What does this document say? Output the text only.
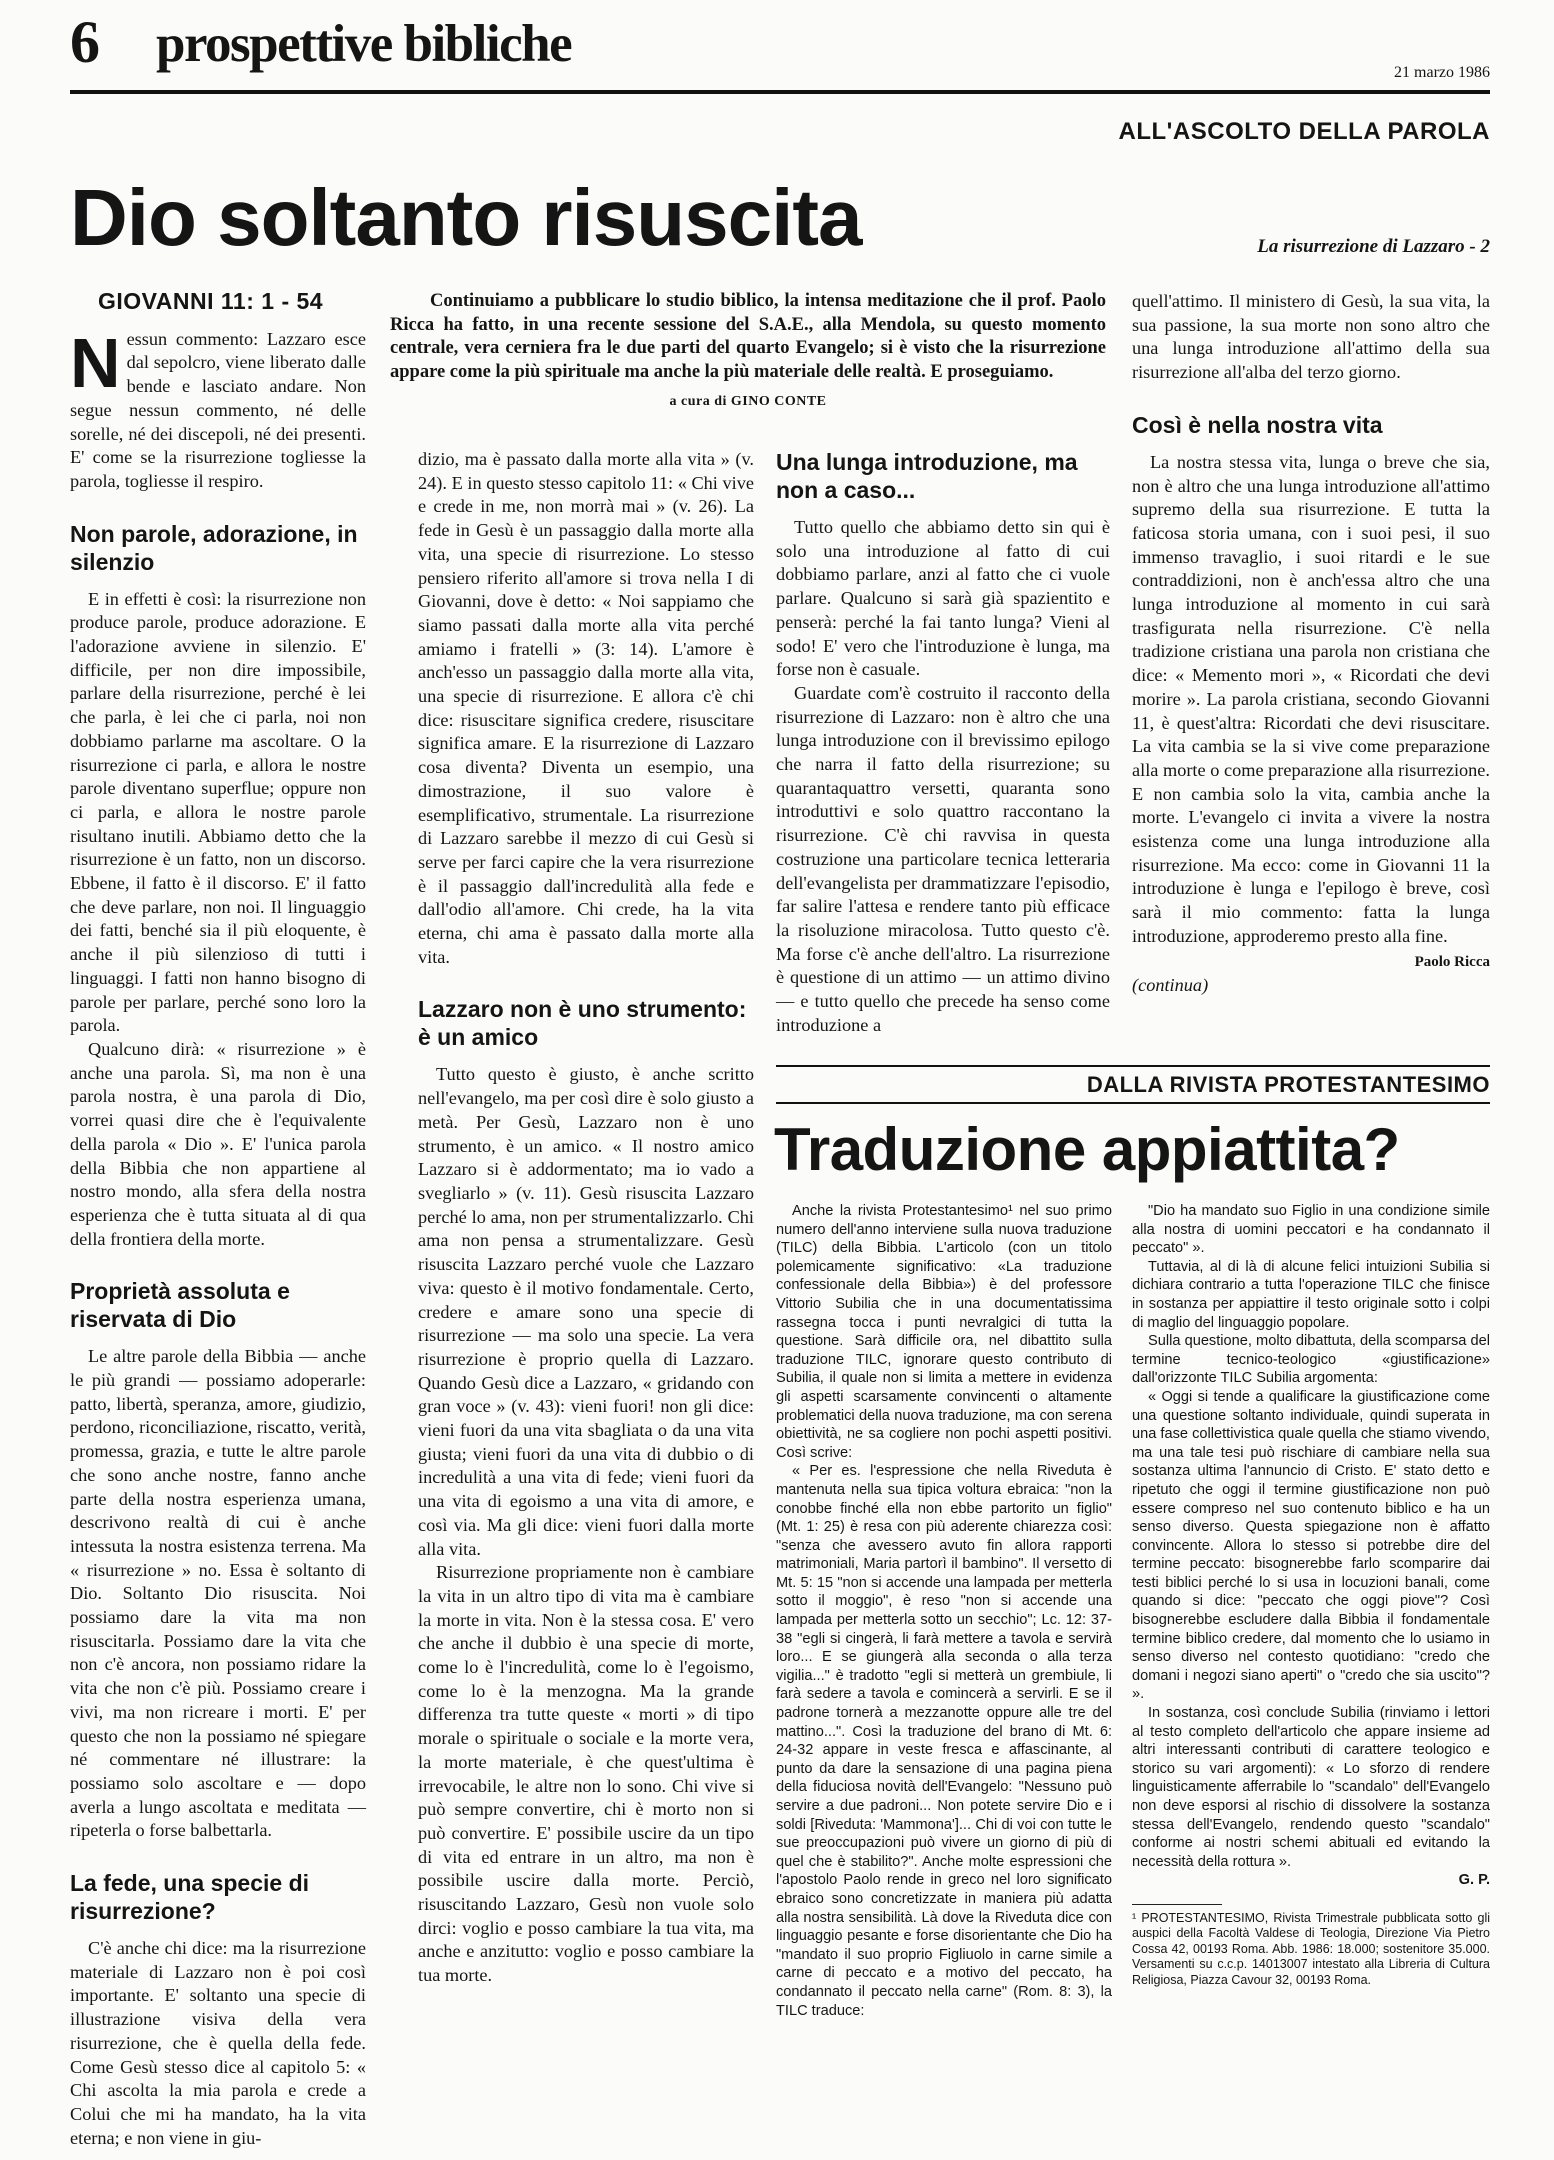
6 prospettive bibliche	21 marzo 1986
ALL'ASCOLTO DELLA PAROLA
Dio soltanto risuscita	La risurrezione di Lazzaro - 2
GIOVANNI 11: 1 - 54

Nessun commento: Lazzaro esce dal sepolcro, viene liberato dalle bende e lasciato andare. Non segue nessun commento, né delle sorelle, né dei discepoli, né dei presenti. E' come se la risurrezione togliesse la parola, togliesse il respiro.

Non parole, adorazione, in silenzio

E in effetti è così: la risurrezione non produce parole, produce adorazione. E l'adorazione avviene in silenzio. E' difficile, per non dire impossibile, parlare della risurrezione, perché è lei che parla, è lei che ci parla, noi non dobbiamo parlarne ma ascoltare. O la risurrezione ci parla, e allora le nostre parole diventano superflue; oppure non ci parla, e allora le nostre parole risultano inutili. Abbiamo detto che la risurrezione è un fatto, non un discorso. Ebbene, il fatto è il discorso. E' il fatto che deve parlare, non noi. Il linguaggio dei fatti, benché sia il più eloquente, è anche il più silenzioso di tutti i linguaggi. I fatti non hanno bisogno di parole per parlare, perché sono loro la parola.

Qualcuno dirà: « risurrezione » è anche una parola. Sì, ma non è una parola nostra, è una parola di Dio, vorrei quasi dire che è l'equivalente della parola « Dio ». E' l'unica parola della Bibbia che non appartiene al nostro mondo, alla sfera della nostra esperienza che è tutta situata al di qua della frontiera della morte.

Proprietà assoluta e riservata di Dio

Le altre parole della Bibbia — anche le più grandi — possiamo adoperarle: patto, libertà, speranza, amore, giudizio, perdono, riconciliazione, riscatto, verità, promessa, grazia, e tutte le altre parole che sono anche nostre, fanno anche parte della nostra esperienza umana, descrivono realtà di cui è anche intessuta la nostra esistenza terrena. Ma « risurrezione » no. Essa è soltanto di Dio. Soltanto Dio risuscita. Noi possiamo dare la vita ma non risuscitarla. Possiamo dare la vita che non c'è ancora, non possiamo ridare la vita che non c'è più. Possiamo creare i vivi, ma non ricreare i morti. E' per questo che non la possiamo né spiegare né commentare né illustrare: la possiamo solo ascoltare e — dopo averla a lungo ascoltata e meditata — ripeterla o forse balbettarla.

La fede, una specie di risurrezione?

C'è anche chi dice: ma la risurrezione materiale di Lazzaro non è poi così importante. E' soltanto una specie di illustrazione visiva della vera risurrezione, che è quella della fede. Come Gesù stesso dice al capitolo 5: « Chi ascolta la mia parola e crede a Colui che mi ha mandato, ha la vita eterna; e non viene in giu-

Continuiamo a pubblicare lo studio biblico, la intensa meditazione che il prof. Paolo Ricca ha fatto, in una recente sessione del S.A.E., alla Mendola, su questo momento centrale, vera cerniera fra le due parti del quarto Evangelo; si è visto che la risurrezione appare come la più spirituale ma anche la più materiale delle realtà. E proseguiamo.
a cura di GINO CONTE

dizio, ma è passato dalla morte alla vita » (v. 24). E in questo stesso capitolo 11: « Chi vive e crede in me, non morrà mai » (v. 26). La fede in Gesù è un passaggio dalla morte alla vita, una specie di risurrezione. Lo stesso pensiero riferito all'amore si trova nella I di Giovanni, dove è detto: « Noi sappiamo che siamo passati dalla morte alla vita perché amiamo i fratelli » (3: 14). L'amore è anch'esso un passaggio dalla morte alla vita, una specie di risurrezione. E allora c'è chi dice: risuscitare significa credere, risuscitare significa amare. E la risurrezione di Lazzaro cosa diventa? Diventa un esempio, una dimostrazione, il suo valore è esemplificativo, strumentale. La risurrezione di Lazzaro sarebbe il mezzo di cui Gesù si serve per farci capire che la vera risurrezione è il passaggio dall'incredulità alla fede e dall'odio all'amore. Chi crede, ha la vita eterna, chi ama è passato dalla morte alla vita.

Lazzaro non è uno strumento: è un amico

Tutto questo è giusto, è anche scritto nell'evangelo, ma per così dire è solo giusto a metà. Per Gesù, Lazzaro non è uno strumento, è un amico. « Il nostro amico Lazzaro si è addormentato; ma io vado a svegliarlo » (v. 11). Gesù risuscita Lazzaro perché lo ama, non per strumentalizzarlo. Chi ama non pensa a strumentalizzare. Gesù risuscita Lazzaro perché vuole che Lazzaro viva: questo è il motivo fondamentale. Certo, credere e amare sono una specie di risurrezione — ma solo una specie. La vera risurrezione è proprio quella di Lazzaro. Quando Gesù dice a Lazzaro, « gridando con gran voce » (v. 43): vieni fuori! non gli dice: vieni fuori da una vita sbagliata o da una vita giusta; vieni fuori da una vita di dubbio o di incredulità a una vita di fede; vieni fuori da una vita di egoismo a una vita di amore, e così via. Ma gli dice: vieni fuori dalla morte alla vita.

Risurrezione propriamente non è cambiare la vita in un altro tipo di vita ma è cambiare la morte in vita. Non è la stessa cosa. E' vero che anche il dubbio è una specie di morte, come lo è l'incredulità, come lo è l'egoismo, come lo è la menzogna. Ma la grande differenza tra tutte queste « morti » di tipo morale o spirituale o sociale e la morte vera, la morte materiale, è che quest'ultima è irrevocabile, le altre non lo sono. Chi vive si può sempre convertire, chi è morto non si può convertire. E' possibile uscire da un tipo di vita ed entrare in un altro, ma non è possibile uscire dalla morte. Perciò, risuscitando Lazzaro, Gesù non vuole solo dirci: voglio e posso cambiare la tua vita, ma anche e anzitutto: voglio e posso cambiare la tua morte.

Una lunga introduzione, ma non a caso...

Tutto quello che abbiamo detto sin qui è solo una introduzione al fatto di cui dobbiamo parlare, anzi al fatto che ci vuole parlare. Qualcuno si sarà già spazientito e penserà: perché la fai tanto lunga? Vieni al sodo! E' vero che l'introduzione è lunga, ma forse non è casuale.

Guardate com'è costruito il racconto della risurrezione di Lazzaro: non è altro che una lunga introduzione con il brevissimo epilogo che narra il fatto della risurrezione; su quarantaquattro versetti, quaranta sono introduttivi e solo quattro raccontano la risurrezione. C'è chi ravvisa in questa costruzione una particolare tecnica letteraria dell'evangelista per drammatizzare l'episodio, far salire l'attesa e rendere tanto più efficace la risoluzione miracolosa. Tutto questo c'è. Ma forse c'è anche dell'altro. La risurrezione è questione di un attimo — un attimo divino — e tutto quello che precede ha senso come introduzione a

quell'attimo. Il ministero di Gesù, la sua vita, la sua passione, la sua morte non sono altro che una lunga introduzione all'attimo della sua risurrezione all'alba del terzo giorno.

Così è nella nostra vita

La nostra stessa vita, lunga o breve che sia, non è altro che una lunga introduzione all'attimo supremo della sua risurrezione. E tutta la faticosa storia umana, con i suoi pesi, il suo immenso travaglio, i suoi ritardi e le sue contraddizioni, non è anch'essa altro che una lunga introduzione al momento in cui sarà trasfigurata nella risurrezione. C'è nella tradizione cristiana una parola non cristiana che dice: « Memento mori », « Ricordati che devi morire ». La parola cristiana, secondo Giovanni 11, è quest'altra: Ricordati che devi risuscitare. La vita cambia se la si vive come preparazione alla morte o come preparazione alla risurrezione. E non cambia solo la vita, cambia anche la morte. L'evangelo ci invita a vivere la nostra esistenza come una lunga introduzione alla risurrezione. Ma ecco: come in Giovanni 11 la introduzione è lunga e l'epilogo è breve, così sarà il mio commento: fatta la lunga introduzione, approderemo presto alla fine.

Paolo Ricca
(continua)
DALLA RIVISTA PROTESTANTESIMO
Traduzione appiattita?

Anche la rivista Protestantesimo¹ nel suo primo numero dell'anno interviene sulla nuova traduzione (TILC) della Bibbia. L'articolo (con un titolo polemicamente significativo: «La traduzione confessionale della Bibbia») è del professore Vittorio Subilia che in una documentatissima rassegna tocca i punti nevralgici di tutta la questione. Sarà difficile ora, nel dibattito sulla traduzione TILC, ignorare questo contributo di Subilia, il quale non si limita a mettere in evidenza gli aspetti scarsamente convincenti o altamente problematici della nuova traduzione, ma con serena obiettività, ne sa cogliere non pochi aspetti positivi. Così scrive:

« Per es. l'espressione che nella Riveduta è mantenuta nella sua tipica voltura ebraica: "non la conobbe finché ella non ebbe partorito un figlio" (Mt. 1: 25) è resa con più aderente chiarezza così: "senza che avessero avuto fin allora rapporti matrimoniali, Maria partorì il bambino". Il versetto di Mt. 5: 15 "non si accende una lampada per metterla sotto il moggio", è reso "non si accende una lampada per metterla sotto un secchio"; Lc. 12: 37-38 "egli si cingerà, li farà mettere a tavola e servirà loro... E se giungerà alla seconda o alla terza vigilia..." è tradotto "egli si metterà un grembiule, li farà sedere a tavola e comincerà a servirli. E se il padrone tornerà a mezzanotte oppure alle tre del mattino...". Così la traduzione del brano di Mt. 6: 24-32 appare in veste fresca e affascinante, al punto da dare la sensazione di una pagina piena della fiduciosa novità dell'Evangelo: "Nessuno può servire a due padroni... Non potete servire Dio e i soldi [Riveduta: 'Mammona']... Chi di voi con tutte le sue preoccupazioni può vivere un giorno di più di quel che è stabilito?". Anche molte espressioni che l'apostolo Paolo rende in greco nel loro significato ebraico sono concretizzate in maniera più adatta alla nostra sensibilità. Là dove la Riveduta dice con linguaggio pesante e forse disorientante che Dio ha "mandato il suo proprio Figliuolo in carne simile a carne di peccato e a motivo del peccato, ha condannato il peccato nella carne" (Rom. 8: 3), la TILC traduce:

"Dio ha mandato suo Figlio in una condizione simile alla nostra di uomini peccatori e ha condannato il peccato" ».

Tuttavia, al di là di alcune felici intuizioni Subilia si dichiara contrario a tutta l'operazione TILC che finisce in sostanza per appiattire il testo originale sotto i colpi di maglio del linguaggio popolare.

Sulla questione, molto dibattuta, della scomparsa del termine tecnico-teologico «giustificazione» dall'orizzonte TILC Subilia argomenta:

« Oggi si tende a qualificare la giustificazione come una questione soltanto individuale, quindi superata in una fase collettivistica quale quella che stiamo vivendo, ma una tale tesi può rischiare di cambiare nella sua sostanza ultima l'annuncio di Cristo. E' stato detto e ripetuto che oggi il termine giustificazione non può essere compreso nel suo contenuto biblico e ha un senso diverso. Questa spiegazione non è affatto convincente. Allora lo stesso si potrebbe dire del termine peccato: bisognerebbe farlo scomparire dai testi biblici perché lo si usa in locuzioni banali, come quando si dice: "peccato che oggi piove"? Così bisognerebbe escludere dalla Bibbia il fondamentale termine biblico credere, dal momento che lo usiamo in senso diverso nel contesto quotidiano: "credo che domani i negozi siano aperti" o "credo che sia uscito"? ».

In sostanza, così conclude Subilia (rinviamo i lettori al testo completo dell'articolo che appare insieme ad altri interessanti contributi di carattere teologico e storico su vari argomenti): « Lo sforzo di rendere linguisticamente afferrabile lo "scandalo" dell'Evangelo non deve esporsi al rischio di dissolvere la sostanza stessa dell'Evangelo, rendendo questo "scandalo" conforme ai nostri schemi abituali ed evitando la necessità della rottura ».

G. P.
¹ PROTESTANTESIMO, Rivista Trimestrale pubblicata sotto gli auspici della Facoltà Valdese di Teologia, Direzione Via Pietro Cossa 42, 00193 Roma. Abb. 1986: 18.000; sostenitore 35.000. Versamenti su c.c.p. 14013007 intestato alla Libreria di Cultura Religiosa, Piazza Cavour 32, 00193 Roma.
